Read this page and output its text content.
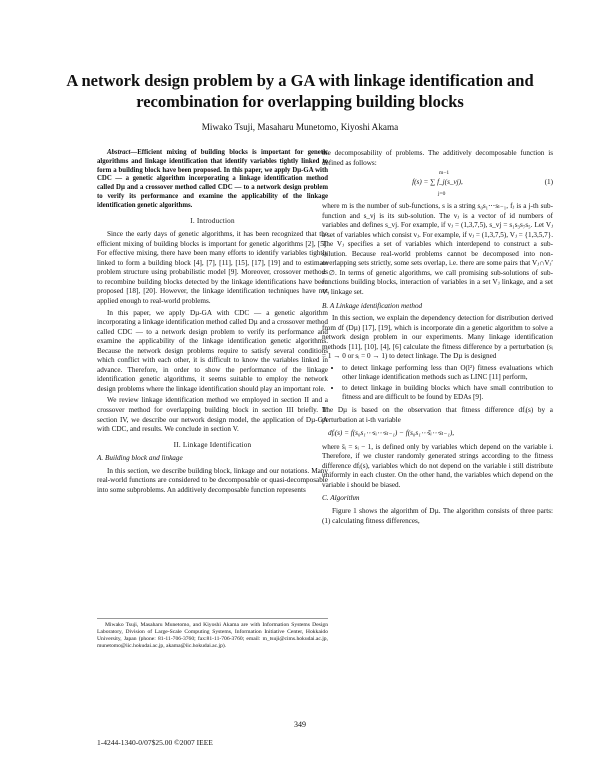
A network design problem by a GA with linkage identification and recombination for overlapping building blocks
Miwako Tsuji, Masaharu Munetomo, Kiyoshi Akama

Abstract—Efficient mixing of building blocks is important for genetic algorithms and linkage identification that identify variables tightly linked to form a building block have been proposed. In this paper, we apply Dµ-GA with CDC — a genetic algorithm incorporating a linkage identification method called Dµ and a crossover method called CDC — to a network design problem to verify its performance and examine the applicability of the linkage identification genetic algorithms.

I. Introduction

Since the early days of genetic algorithms, it has been recognized that the efficient mixing of building blocks is important for genetic algorithms [2], [5]. For effective mixing, there have been many efforts to identify variables tightly linked to form a building block [4], [7], [11], [15], [17], [19] and to estimate problem structure using probabilistic model [9]. Moreover, crossover methods to recombine building blocks detected by the linkage identifications have been proposed [18], [20]. However, the linkage identification techniques have not applied enough to real-world problems.

In this paper, we apply Dµ-GA with CDC — a genetic algorithm incorporating a linkage identification method called Dµ and a crossover method called CDC — to a network design problem to verify its performance and examine the applicability of the linkage identification genetic algorithms. Because the network design problems require to satisfy several conditions which conflict with each other, it is difficult to know the variables linked in advance. Therefore, in order to show the performance of the linkage identification genetic algorithms, it seems suitable to employ the network design problems where the linkage identification should play an important role.

We review linkage identification method we employed in section II and a crossover method for overlapping building block in section III briefly. In section IV, we describe our network design model, the application of Dµ-GA with CDC, and results. We conclude in section V.

II. Linkage Identification
A. Building block and linkage

In this section, we describe building block, linkage and our notations. Many real-world functions are considered to be decomposable or quasi-decomposable into some subproblems. An additively decomposable function represents

Miwako Tsuji, Masaharu Munetomo, and Kiyoshi Akama are with Information Systems Design Laboratory, Division of Large-Scale Computing Systems, Information Initiative Center, Hokkaido University, Japan (phone: 81-11-706-3760; fax:81-11-706-3760; email: m_tsuji@cims.hokudai.ac.jp, munetomo@iic.hokudai.ac.jp, akama@iic.hokudai.ac.jp).

the decomposability of problems. The additively decomposable function is defined as follows:

m−1
f(s) = ∑ f_j(s_vj),
j=0
(1)

where m is the number of sub-functions, s is a string s₀s₁⋯sₗ₋₁, fⱼ is a j-th sub-function and s_vj is its sub-solution. The vⱼ is a vector of id numbers of variables and defines s_vj. For example, if vⱼ = (1,3,7,5), s_vj = s₁s₃s₇s₅. Let Vⱼ a set of variables which consist vⱼ. For example, if vⱼ = (1,3,7,5), Vⱼ = {1,3,5,7}. The Vⱼ specifies a set of variables which interdepend to construct a sub-solution. Because real-world problems cannot be decomposed into non-overlapping sets strictly, some sets overlap, i.e. there are some pairs that Vⱼ∩Vⱼ′ ≠ ∅. In terms of genetic algorithms, we call promising sub-solutions of sub-functions building blocks, interaction of variables in a set Vⱼ linkage, and a set Vⱼ linkage set.

B. A Linkage identification method

In this section, we explain the dependency detection for distribution derived from df (Dµ) [17], [19], which is incorporate din a genetic algorithm to solve a network design problem in our experiments. Many linkage identification methods [11], [10], [4], [6] calculate the fitness difference by a perturbation (sᵢ = 1 → 0 or sᵢ = 0 → 1) to detect linkage. The Dµ is designed

• to detect linkage performing less than O(l²) fitness evaluations which other linkage identification methods such as LINC [11] perform,
• to detect linkage in building blocks which have small contribution to fitness and are difficult to be found by EDAs [9].

The Dµ is based on the observation that fitness difference dfᵢ(s) by a perturbation at i-th variable

dfᵢ(s) = f(s₀s₁⋯sᵢ⋯sₗ₋₁) − f(s₀s₁⋯s̄ᵢ⋯sₗ₋₁),

where s̄ᵢ = sᵢ − 1, is defined only by variables which depend on the variable i. Therefore, if we cluster randomly generated strings according to the fitness difference dfᵢ(s), variables which do not depend on the variable i still distribute uniformly in each cluster. On the other hand, the variables which depend on the variable i should be biased.

C. Algorithm

Figure 1 shows the algorithm of Dµ. The algorithm consists of three parts: (1) calculating fitness differences,

349
1-4244-1340-0/07$25.00 ©2007 IEEE
